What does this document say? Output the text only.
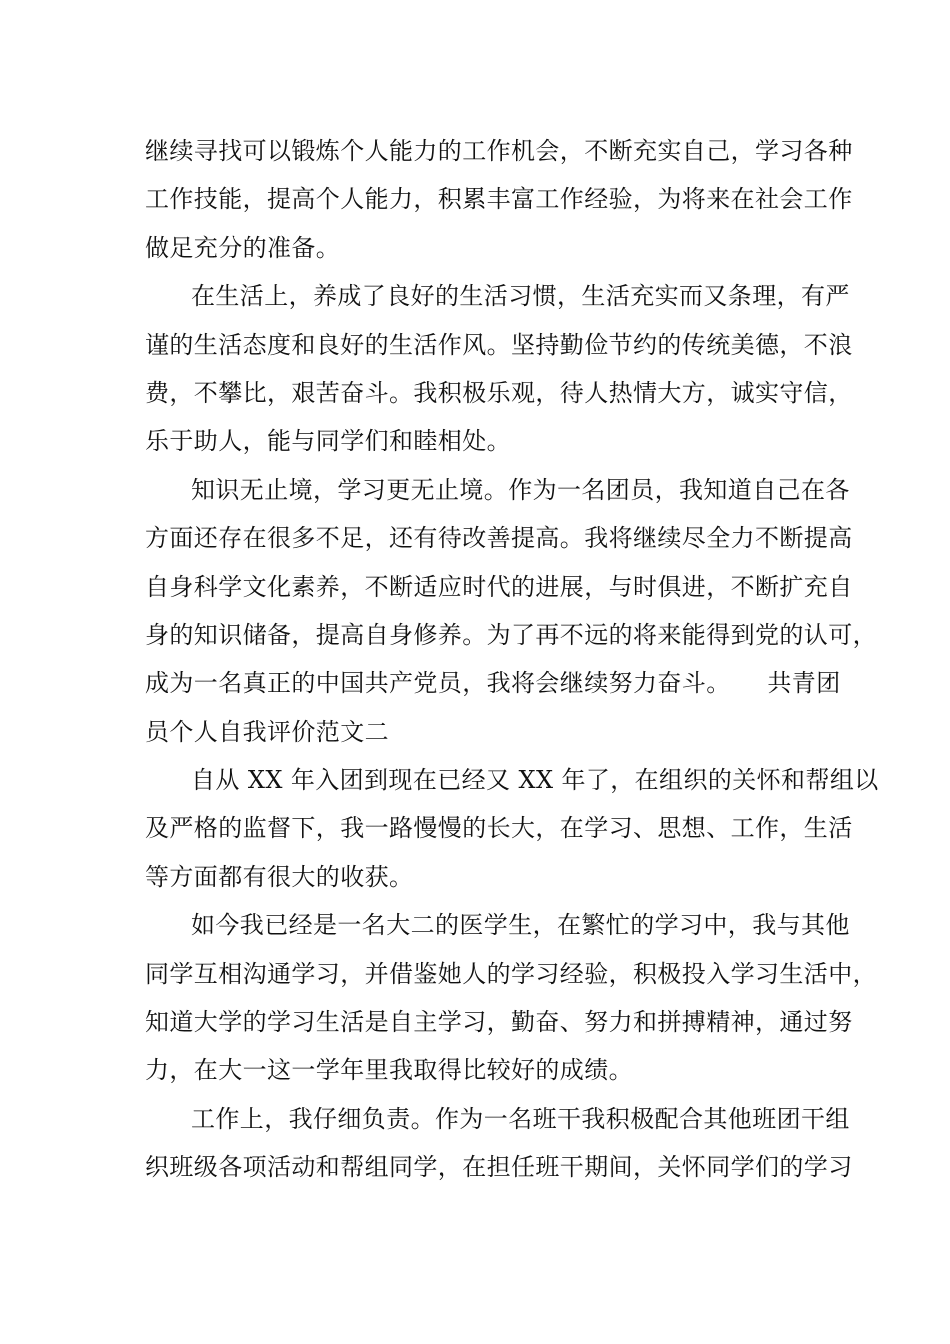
继续寻找可以锻炼个人能力的工作机会，不断充实自己，学习各种
工作技能，提高个人能力，积累丰富工作经验，为将来在社会工作
做足充分的准备。
在生活上，养成了良好的生活习惯，生活充实而又条理，有严
谨的生活态度和良好的生活作风。坚持勤俭节约的传统美德，不浪
费，不攀比，艰苦奋斗。我积极乐观，待人热情大方，诚实守信，
乐于助人，能与同学们和睦相处。
知识无止境，学习更无止境。作为一名团员，我知道自己在各
方面还存在很多不足，还有待改善提高。我将继续尽全力不断提高
自身科学文化素养，不断适应时代的进展，与时俱进，不断扩充自
身的知识储备，提高自身修养。为了再不远的将来能得到党的认可，
成为一名真正的中国共产党员，我将会继续努力奋斗。　　共青团
员个人自我评价范文二
自从 XX 年入团到现在已经又 XX 年了，在组织的关怀和帮组以
及严格的监督下，我一路慢慢的长大，在学习、思想、工作，生活
等方面都有很大的收获。
如今我已经是一名大二的医学生，在繁忙的学习中，我与其他
同学互相沟通学习，并借鉴她人的学习经验，积极投入学习生活中，
知道大学的学习生活是自主学习，勤奋、努力和拼搏精神，通过努
力，在大一这一学年里我取得比较好的成绩。
工作上，我仔细负责。作为一名班干我积极配合其他班团干组
织班级各项活动和帮组同学，在担任班干期间，关怀同学们的学习
